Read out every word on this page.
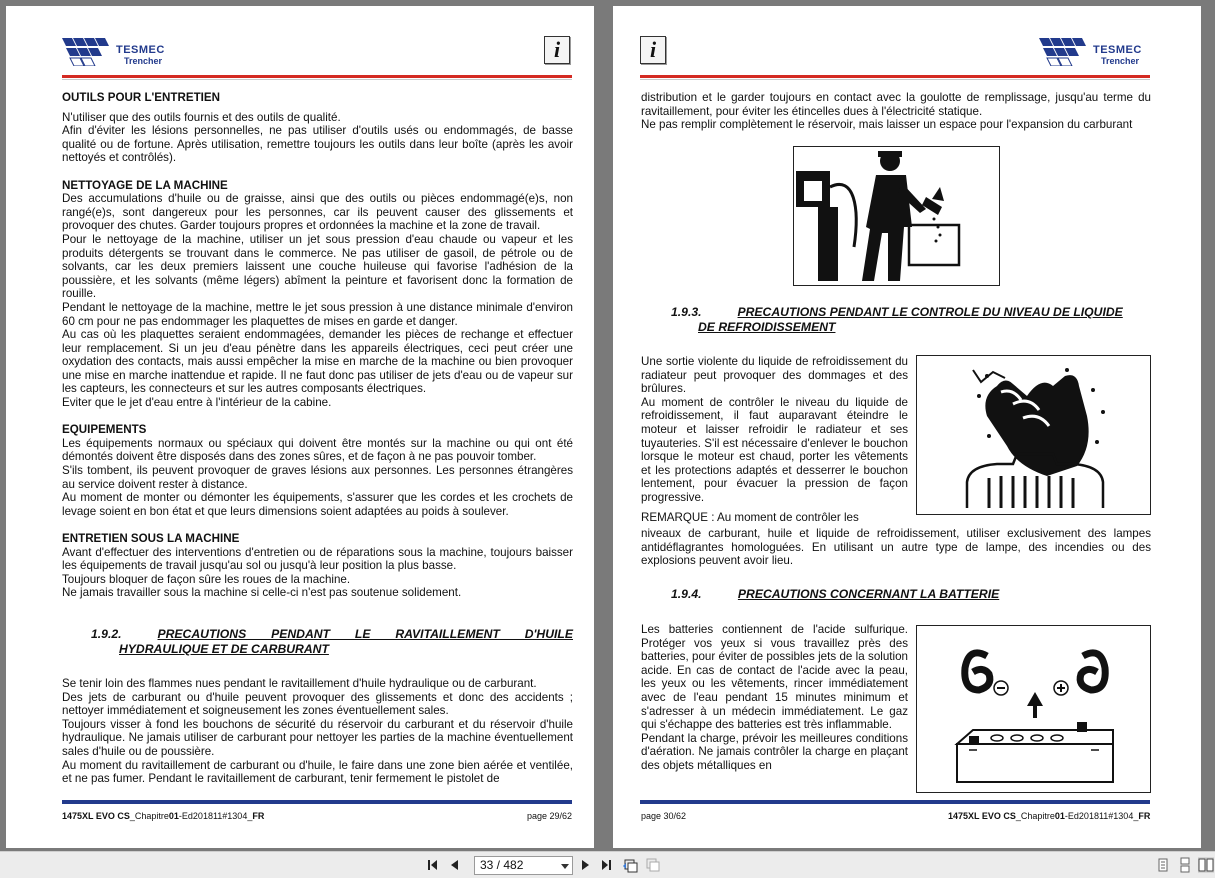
TESMEC
Trencher	i

OUTILS POUR L'ENTRETIEN

N'utiliser que des outils fournis et des outils de qualité.

Afin d'éviter les lésions personnelles, ne pas utiliser d'outils usés ou endommagés, de basse qualité ou de fortune. Après utilisation, remettre toujours les outils dans leur boîte (après les avoir nettoyés et contrôlés).

NETTOYAGE DE LA MACHINE

Des accumulations d'huile ou de graisse, ainsi que des outils ou pièces endommagé(e)s, non rangé(e)s, sont dangereux pour les personnes, car ils peuvent causer des glissements et provoquer des chutes. Garder toujours propres et ordonnées la machine et la zone de travail.

Pour le nettoyage de la machine, utiliser un jet sous pression d'eau chaude ou vapeur et les produits détergents se trouvant dans le commerce. Ne pas utiliser de gasoil, de pétrole ou de solvants, car les deux premiers laissent une couche huileuse qui favorise l'adhésion de la poussière, et les solvants (même légers) abîment la peinture et favorisent donc la formation de rouille.

Pendant le nettoyage de la machine, mettre le jet sous pression à une distance minimale d'environ 60 cm pour ne pas endommager les plaquettes de mises en garde et danger.

Au cas où les plaquettes seraient endommagées, demander les pièces de rechange et effectuer leur remplacement. Si un jeu d'eau pénètre dans les appareils électriques, ceci peut créer une oxydation des contacts, mais aussi empêcher la mise en marche de la machine ou bien provoquer une mise en marche inattendue et rapide. Il ne faut donc pas utiliser de jets d'eau ou de vapeur sur les capteurs, les connecteurs et sur les autres composants électriques.

Eviter que le jet d'eau entre à l'intérieur de la cabine.

EQUIPEMENTS

Les équipements normaux ou spéciaux qui doivent être montés sur la machine ou qui ont été démontés doivent être disposés dans des zones sûres, et de façon à ne pas pouvoir tomber.

S'ils tombent, ils peuvent provoquer de graves lésions aux personnes. Les personnes étrangères au service doivent rester à distance.

Au moment de monter ou démonter les équipements, s'assurer que les cordes et les crochets de levage soient en bon état et que leurs dimensions soient adaptées au poids à soulever.

ENTRETIEN SOUS LA MACHINE

Avant d'effectuer des interventions d'entretien ou de réparations sous la machine, toujours baisser les équipements de travail jusqu'au sol ou jusqu'à leur position la plus basse.

Toujours bloquer de façon sûre les roues de la machine.

Ne jamais travailler sous la machine si celle-ci n'est pas soutenue solidement.

1.9.2.	PRECAUTIONS PENDANT LE RAVITAILLEMENT D'HUILE
HYDRAULIQUE ET DE CARBURANT

Se tenir loin des flammes nues pendant le ravitaillement d'huile hydraulique ou de carburant.

Des jets de carburant ou d'huile peuvent provoquer des glissements et donc des accidents ; nettoyer immédiatement et soigneusement les zones éventuellement sales.

Toujours visser à fond les bouchons de sécurité du réservoir du carburant et du réservoir d'huile hydraulique. Ne jamais utiliser de carburant pour nettoyer les parties de la machine éventuellement sales d'huile ou de poussière.

Au moment du ravitaillement de carburant ou d'huile, le faire dans une zone bien aérée et ventilée, et ne pas fumer. Pendant le ravitaillement de carburant, tenir fermement le pistolet de

1475XL EVO CS_Chapitre01-Ed201811#1304_FR	page 29/62
i	TESMEC
Trencher

distribution et le garder toujours en contact avec la goulotte de remplissage, jusqu'au terme du ravitaillement, pour éviter les étincelles dues à l'électricité statique.

Ne pas remplir complètement le réservoir, mais laisser un espace pour l'expansion du carburant

1.9.3.	PRECAUTIONS PENDANT LE CONTROLE DU NIVEAU DE LIQUIDE
DE REFROIDISSEMENT

Une sortie violente du liquide de refroidissement du radiateur peut provoquer des dommages et des brûlures.

Au moment de contrôler le niveau du liquide de refroidissement, il faut auparavant éteindre le moteur et laisser refroidir le radiateur et ses tuyauteries. S'il est nécessaire d'enlever le bouchon lorsque le moteur est chaud, porter les vêtements et les protections adaptés et desserrer le bouchon lentement, pour évacuer la pression de façon progressive.

REMARQUE : Au moment de contrôler les

niveaux de carburant, huile et liquide de refroidissement, utiliser exclusivement des lampes antidéflagrantes homologuées. En utilisant un autre type de lampe, des incendies ou des explosions peuvent avoir lieu.

1.9.4.	PRECAUTIONS CONCERNANT LA BATTERIE

Les batteries contiennent de l'acide sulfurique. Protéger vos yeux si vous travaillez près des batteries, pour éviter de possibles jets de la solution acide. En cas de contact de l'acide avec la peau, les yeux ou les vêtements, rincer immédiatement avec de l'eau pendant 15 minutes minimum et s'adresser à un médecin immédiatement. Le gaz qui s'échappe des batteries est très inflammable.

Pendant la charge, prévoir les meilleures conditions d'aération. Ne jamais contrôler la charge en plaçant des objets métalliques en

page 30/62	1475XL EVO CS_Chapitre01-Ed201811#1304_FR
33 / 482
